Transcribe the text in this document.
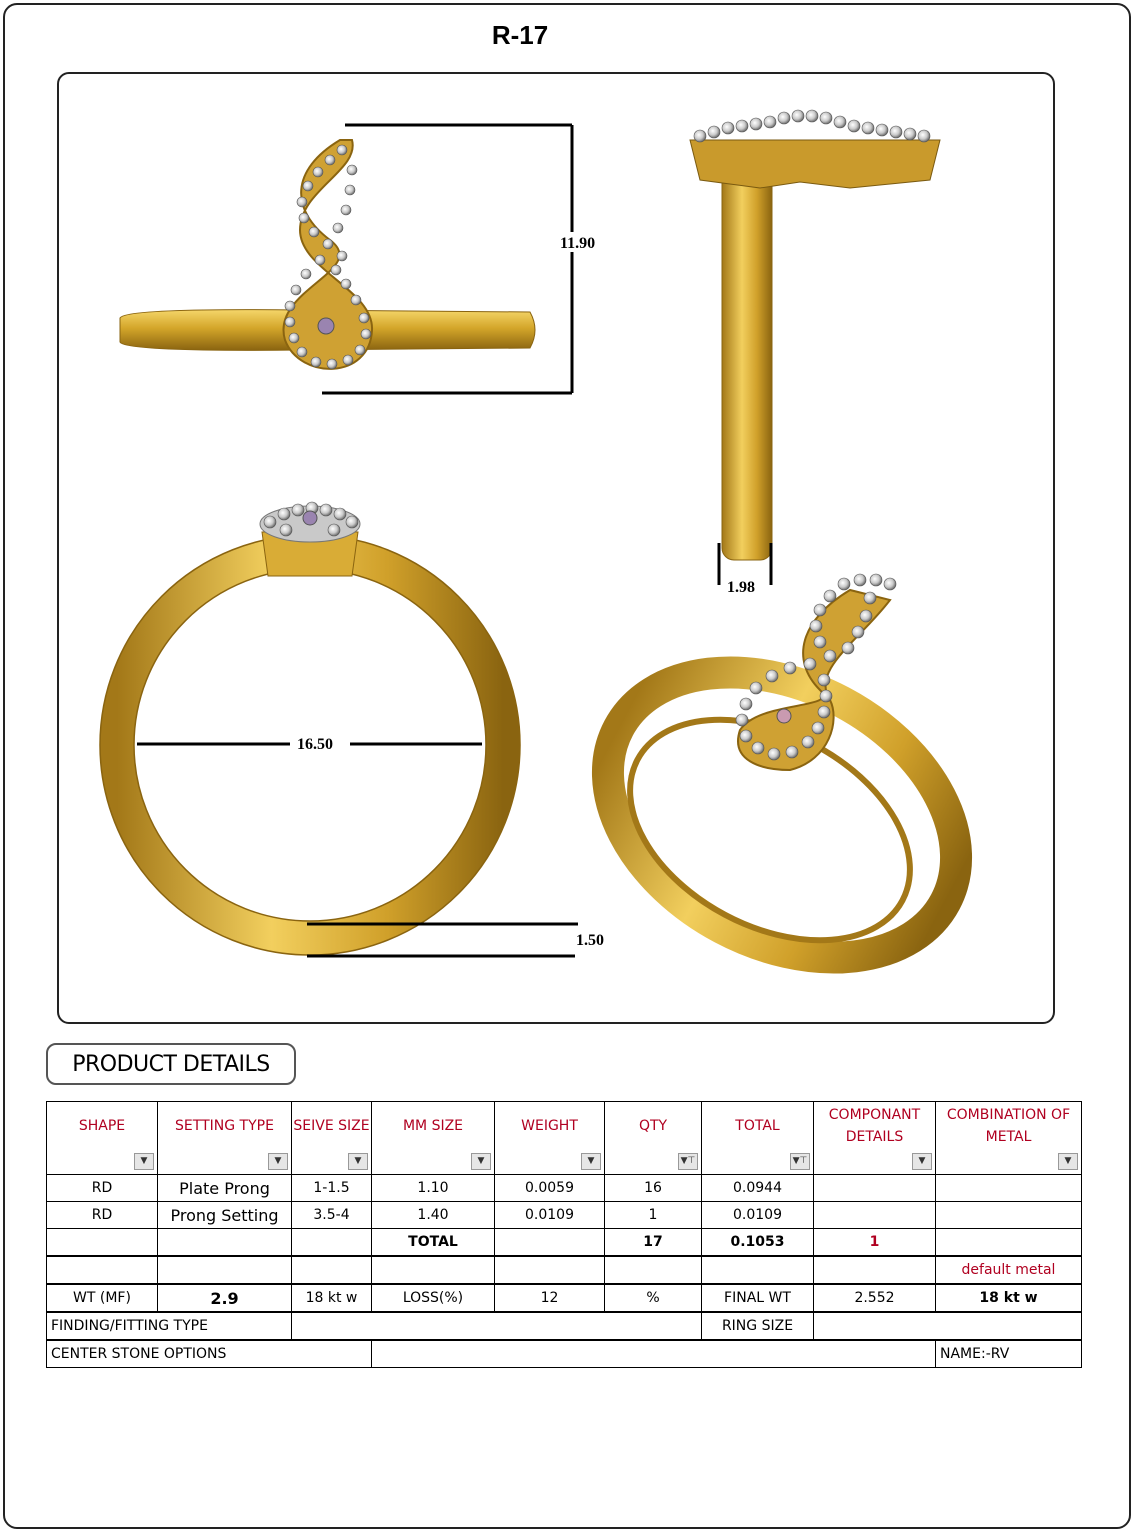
R-17
11.90
1.98
16.50
1.50
PRODUCT DETAILS
SHAPE	SETTING TYPE	SEIVE SIZE	MM SIZE	WEIGHT	QTY	TOTAL	COMPONANT DETAILS	COMBINATION OF METAL

▼	▼	▼	▼	▼	▼⊤	▼⊤	▼	▼

RD	Plate Prong	1-1.5	1.10	0.0059	16	0.0944		
RD	Prong Setting	3.5-4	1.40	0.0109	1	0.0109		
			TOTAL		17	0.1053	1	
								default metal
WT (MF)	2.9	18 kt w	LOSS(%)	12	%	FINAL WT	2.552	18 kt w
FINDING/FITTING TYPE						RING SIZE		
CENTER STONE OPTIONS								NAME:-RV
